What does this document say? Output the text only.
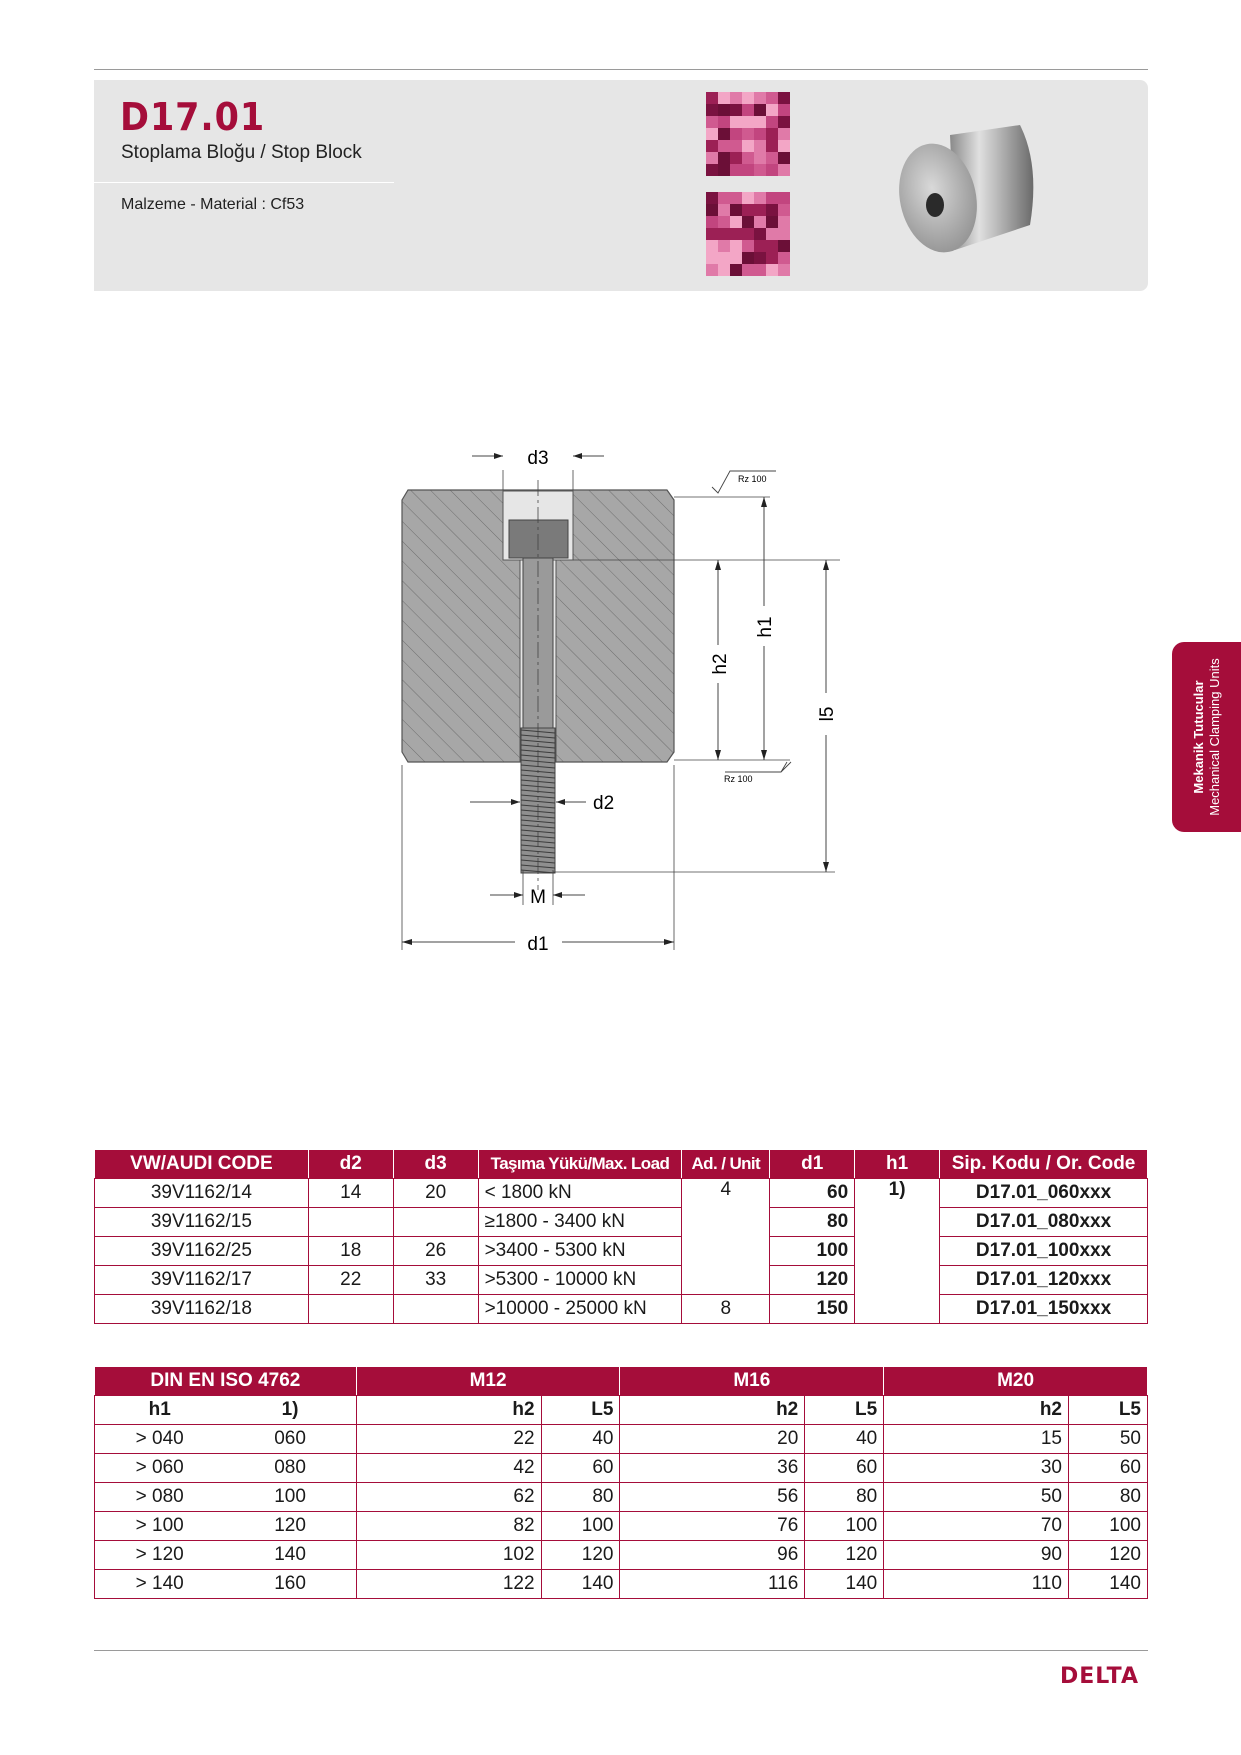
D17.01
Stoplama Bloğu / Stop Block
Malzeme - Material : Cf53
Mekanik Tutucular Mechanical Clamping Units
d3
d2
M
d1
h2
h1
l5
Rz 100
Rz 100
VW/AUDI CODE	d2	d3	Taşıma Yükü/Max. Load	Ad. / Unit	d1	h1	Sip. Kodu / Or. Code
39V1162/14	14	20	< 1800 kN	4	60	1)	D17.01_060xxx
39V1162/15			≥1800 - 3400 kN		80		D17.01_080xxx
39V1162/25	18	26	>3400 - 5300 kN		100		D17.01_100xxx
39V1162/17	22	33	>5300 - 10000 kN		120		D17.01_120xxx
39V1162/18			>10000 - 25000 kN	8	150		D17.01_150xxx
DIN EN ISO 4762		M12		M16		M20	
h1	1)	h2	L5	h2	L5	h2	L5
> 040	060	22	40	20	40	15	50
> 060	080	42	60	36	60	30	60
> 080	100	62	80	56	80	50	80
> 100	120	82	100	76	100	70	100
> 120	140	102	120	96	120	90	120
> 140	160	122	140	116	140	110	140
DELTA
